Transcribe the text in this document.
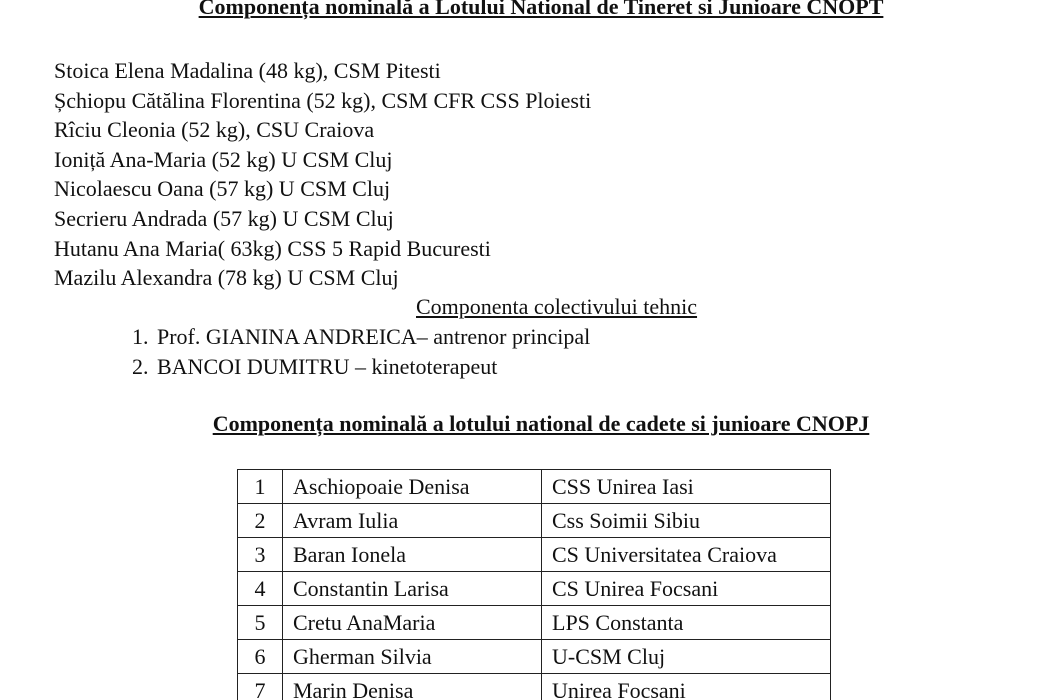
Componența nominală a Lotului National de Tineret si Junioare CNOPT
Stoica Elena Madalina (48 kg), CSM Pitesti
Șchiopu Cătălina Florentina (52 kg), CSM CFR CSS Ploiesti
Rîciu Cleonia (52 kg), CSU Craiova
Ioniță Ana-Maria (52 kg) U CSM Cluj
Nicolaescu Oana (57 kg) U CSM Cluj
Secrieru Andrada (57 kg) U CSM Cluj
Hutanu Ana Maria( 63kg) CSS 5 Rapid Bucuresti
Mazilu Alexandra (78 kg) U CSM Cluj
Componenta colectivului tehnic
1. Prof. GIANINA ANDREICA– antrenor principal
2. BANCOI DUMITRU – kinetoterapeut
Componența nominală a lotului national de cadete si junioare CNOPJ
1	Aschiopoaie Denisa	CSS Unirea Iasi
2	Avram Iulia	Css Soimii Sibiu
3	Baran Ionela	CS Universitatea Craiova
4	Constantin Larisa	CS Unirea Focsani
5	Cretu AnaMaria	LPS Constanta
6	Gherman Silvia	U-CSM Cluj
7	Marin Denisa	Unirea Focsani
